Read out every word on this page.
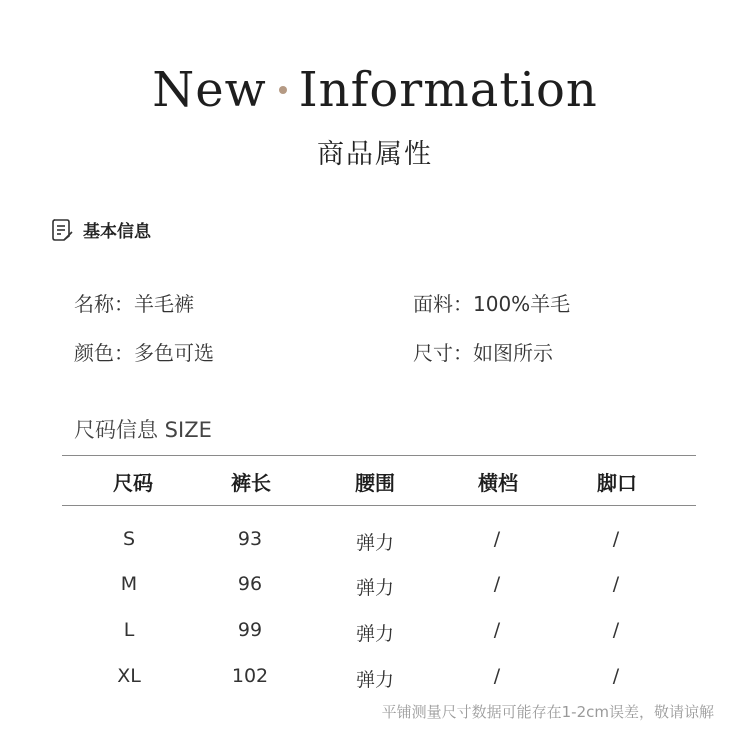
New Information
商品属性
基本信息
名称：羊毛裤	面料：100%羊毛
颜色：多色可选	尺寸：如图所示
尺码信息 SIZE
尺码	裤长	腰围	横档	脚口
S	93	弹力	/	/
M	96	弹力	/	/
L	99	弹力	/	/
XL	102	弹力	/	/
平铺测量尺寸数据可能存在1-2cm误差，敬请谅解
